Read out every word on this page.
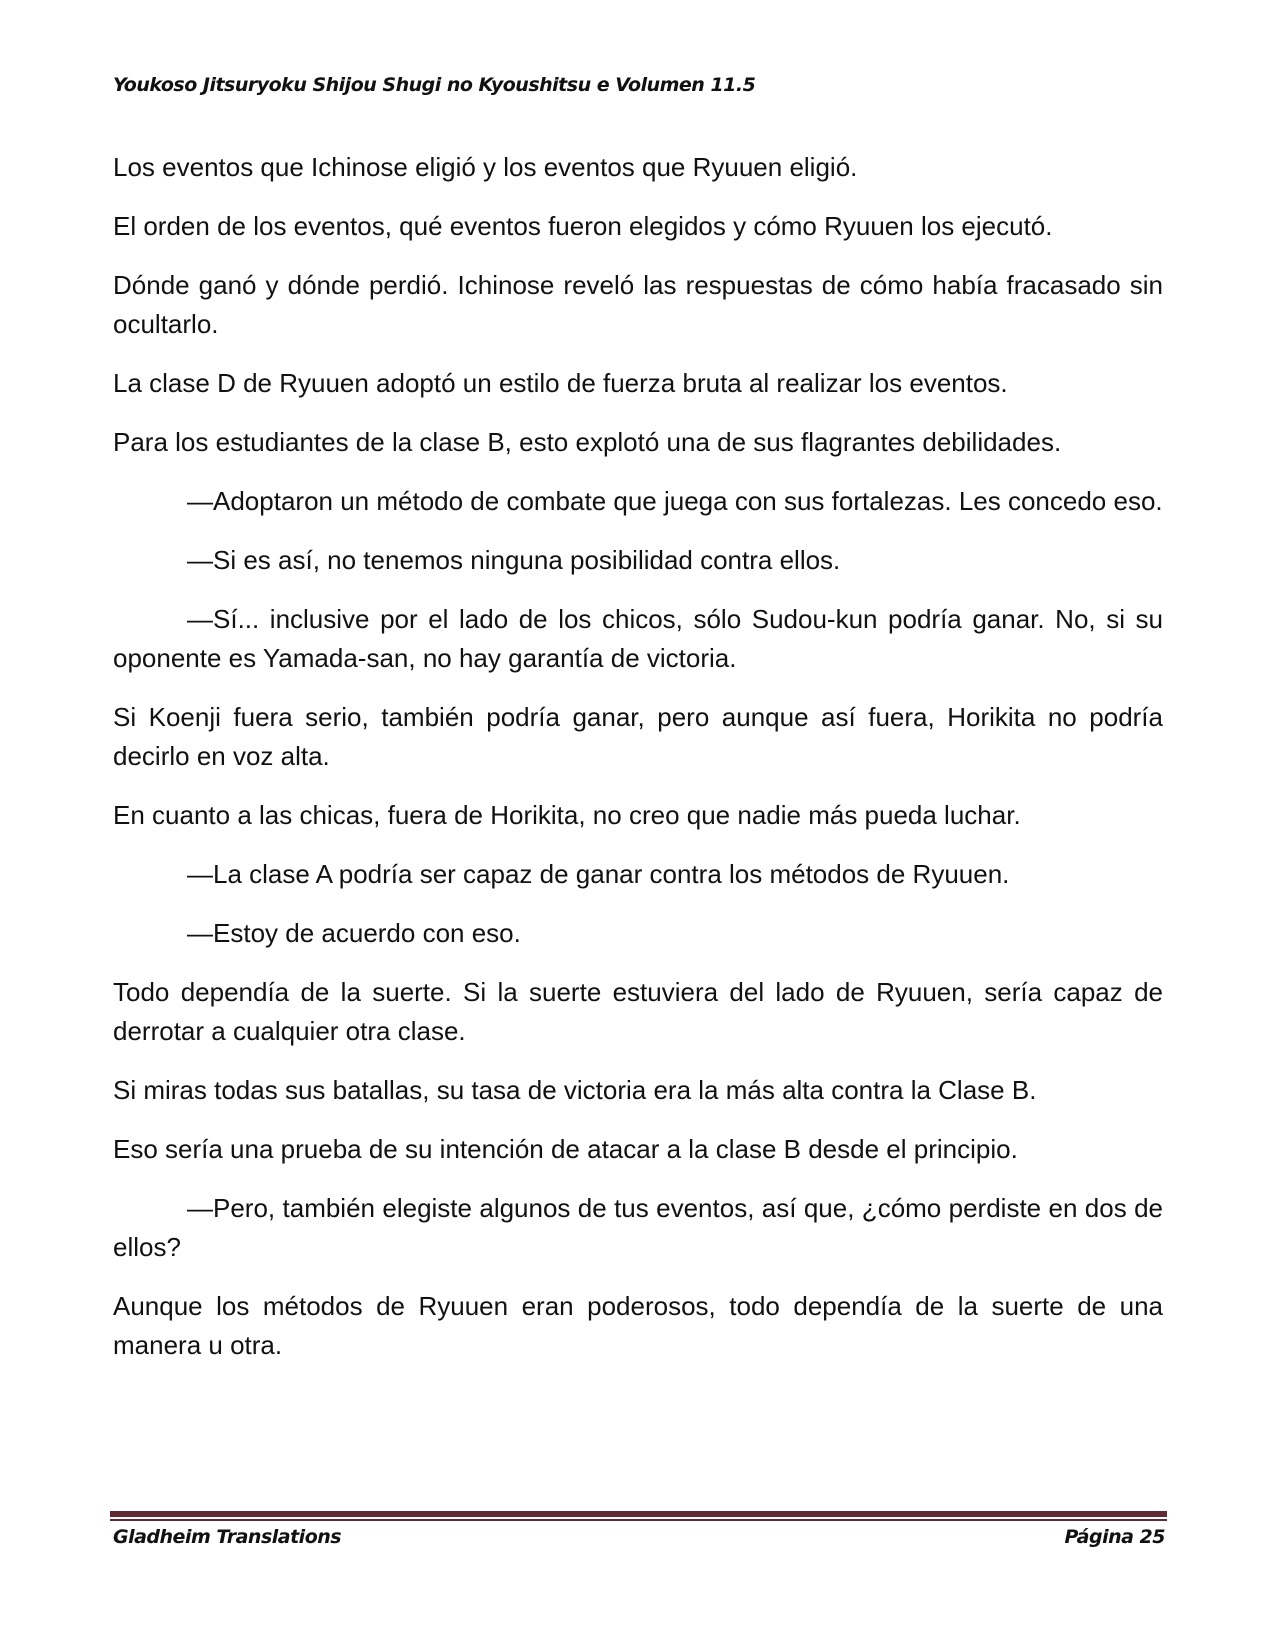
Youkoso Jitsuryoku Shijou Shugi no Kyoushitsu e Volumen 11.5

Los eventos que Ichinose eligió y los eventos que Ryuuen eligió.

El orden de los eventos, qué eventos fueron elegidos y cómo Ryuuen los ejecutó.

Dónde ganó y dónde perdió. Ichinose reveló las respuestas de cómo había fracasado sin ocultarlo.

La clase D de Ryuuen adoptó un estilo de fuerza bruta al realizar los eventos.

Para los estudiantes de la clase B, esto explotó una de sus flagrantes debilidades.

—Adoptaron un método de combate que juega con sus fortalezas. Les concedo eso.

—Si es así, no tenemos ninguna posibilidad contra ellos.

—Sí... inclusive por el lado de los chicos, sólo Sudou-kun podría ganar. No, si su oponente es Yamada-san, no hay garantía de victoria.

Si Koenji fuera serio, también podría ganar, pero aunque así fuera, Horikita no podría decirlo en voz alta.

En cuanto a las chicas, fuera de Horikita, no creo que nadie más pueda luchar.

—La clase A podría ser capaz de ganar contra los métodos de Ryuuen.

—Estoy de acuerdo con eso.

Todo dependía de la suerte. Si la suerte estuviera del lado de Ryuuen, sería capaz de derrotar a cualquier otra clase.

Si miras todas sus batallas, su tasa de victoria era la más alta contra la Clase B.

Eso sería una prueba de su intención de atacar a la clase B desde el principio.

—Pero, también elegiste algunos de tus eventos, así que, ¿cómo perdiste en dos de ellos?

Aunque los métodos de Ryuuen eran poderosos, todo dependía de la suerte de una manera u otra.

Gladheim Translations	Página 25
